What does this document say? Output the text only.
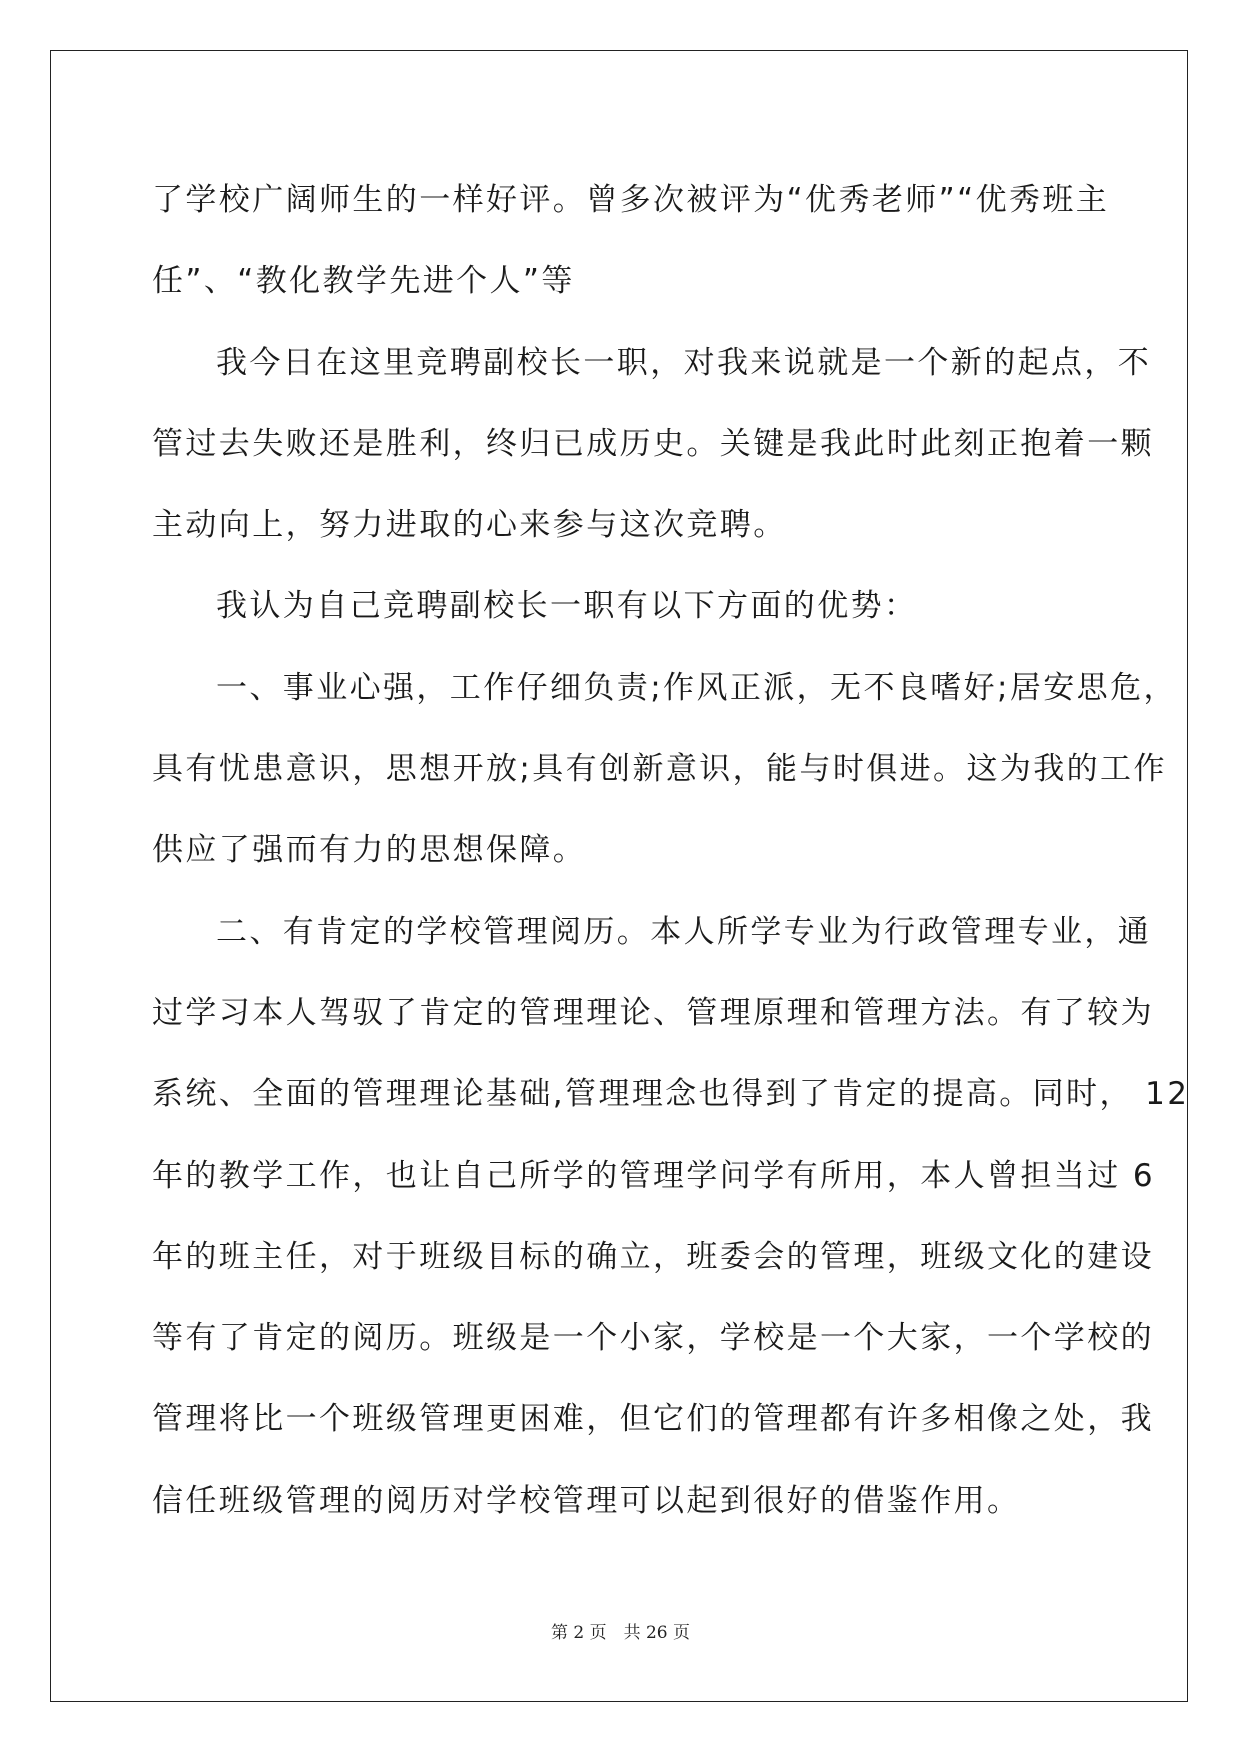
了学校广阔师生的一样好评。曾多次被评为“优秀老师”“优秀班主
任”、“教化教学先进个人”等
我今日在这里竞聘副校长一职，对我来说就是一个新的起点，不
管过去失败还是胜利，终归已成历史。关键是我此时此刻正抱着一颗
主动向上，努力进取的心来参与这次竞聘。
我认为自己竞聘副校长一职有以下方面的优势：
一、事业心强，工作仔细负责;作风正派，无不良嗜好;居安思危，
具有忧患意识，思想开放;具有创新意识，能与时俱进。这为我的工作
供应了强而有力的思想保障。
二、有肯定的学校管理阅历。本人所学专业为行政管理专业，通
过学习本人驾驭了肯定的管理理论、管理原理和管理方法。有了较为
系统、全面的管理理论基础,管理理念也得到了肯定的提高。同时， 12
年的教学工作，也让自己所学的管理学问学有所用，本人曾担当过 6
年的班主任，对于班级目标的确立，班委会的管理，班级文化的建设
等有了肯定的阅历。班级是一个小家，学校是一个大家，一个学校的
管理将比一个班级管理更困难，但它们的管理都有许多相像之处，我
信任班级管理的阅历对学校管理可以起到很好的借鉴作用。
第 2 页　共 26 页
